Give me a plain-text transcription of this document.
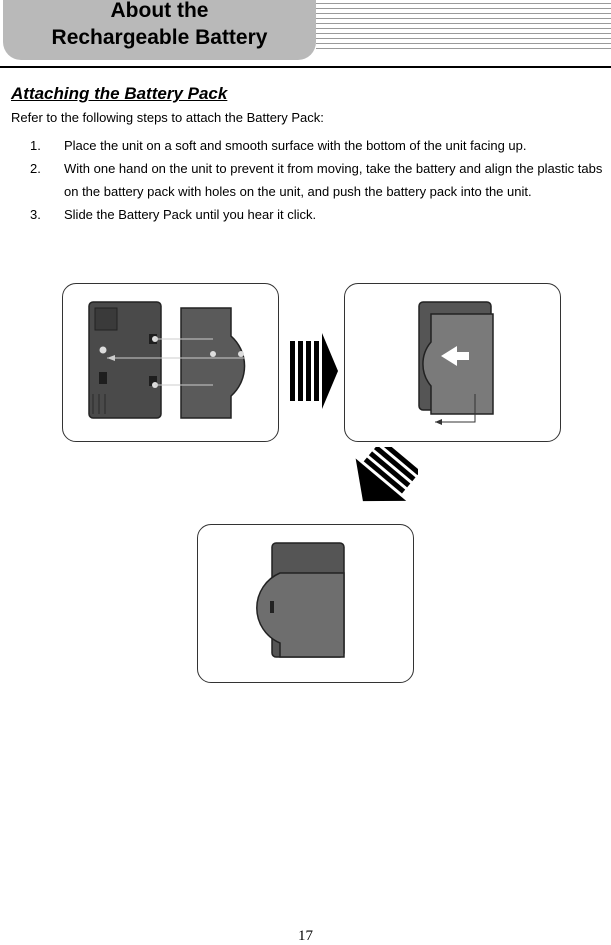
About the
Rechargeable Battery
Attaching the Battery Pack
Refer to the following steps to attach the Battery Pack:
1. Place the unit on a soft and smooth surface with the bottom of the unit facing up.
2. With one hand on the unit to prevent it from moving, take the battery and align the plastic tabs on the battery pack with holes on the unit, and push the battery pack into the unit.
3. Slide the Battery Pack until you hear it click.
17
